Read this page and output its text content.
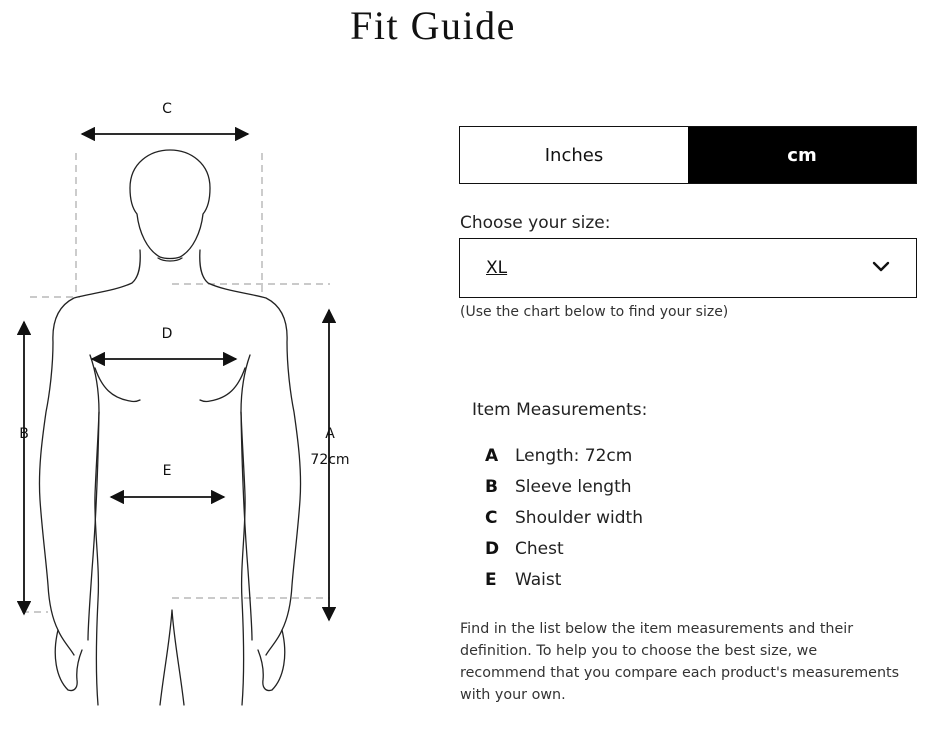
Fit Guide
C
D
E
B	A
72cm
Inches	cm
Choose your size:
XL
(Use the chart below to find your size)
Item Measurements:
A Length: 72cm
B	Sleeve length
C	Shoulder width
D Chest
E	Waist

Find in the list below the item measurements and their definition. To help you to choose the best size, we recommend that you compare each product's measurements with your own.
